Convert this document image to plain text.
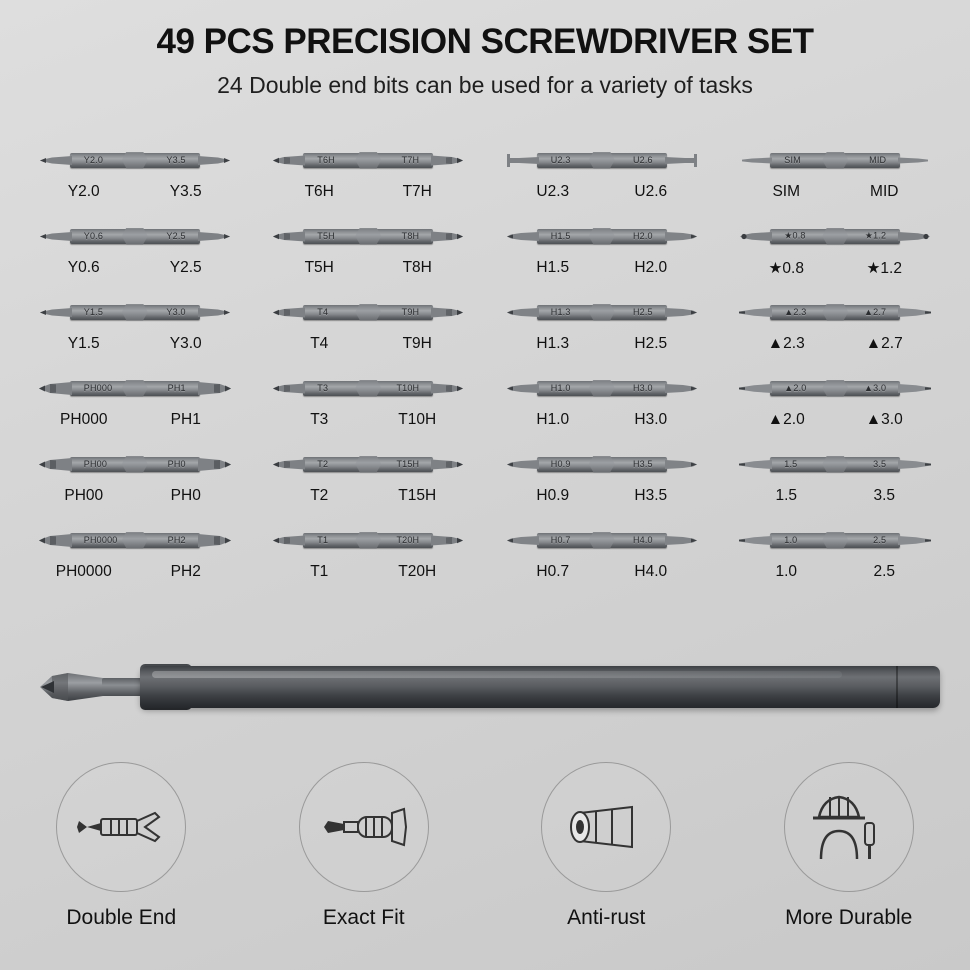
49 PCS PRECISION SCREWDRIVER SET

24 Double end bits can be used for a variety of tasks

Y2.0	Y3.5
Y2.0	Y3.5
T6H	T7H
T6H	T7H
U2.3	U2.6
U2.3	U2.6
SIM	MID
SIM	MID
Y0.6	Y2.5
Y0.6	Y2.5
T5H	T8H
T5H	T8H
H1.5	H2.0
H1.5	H2.0
★0.8	★1.2
★0.8	★1.2
Y1.5	Y3.0
Y1.5	Y3.0
T4	T9H
T4	T9H
H1.3	H2.5
H1.3	H2.5
▲2.3	▲2.7
▲2.3	▲2.7
PH000	PH1
PH000	PH1
T3	T10H
T3	T10H
H1.0	H3.0
H1.0	H3.0
▲2.0	▲3.0
▲2.0	▲3.0
PH00	PH0
PH00	PH0
T2	T15H
T2	T15H
H0.9	H3.5
H0.9	H3.5
1.5	3.5
1.5	3.5
PH0000	PH2
PH0000	PH2
T1	T20H
T1	T20H
H0.7	H4.0
H0.7	H4.0
1.0	2.5
1.0	2.5
Double End	Exact Fit	Anti-rust	More Durable
